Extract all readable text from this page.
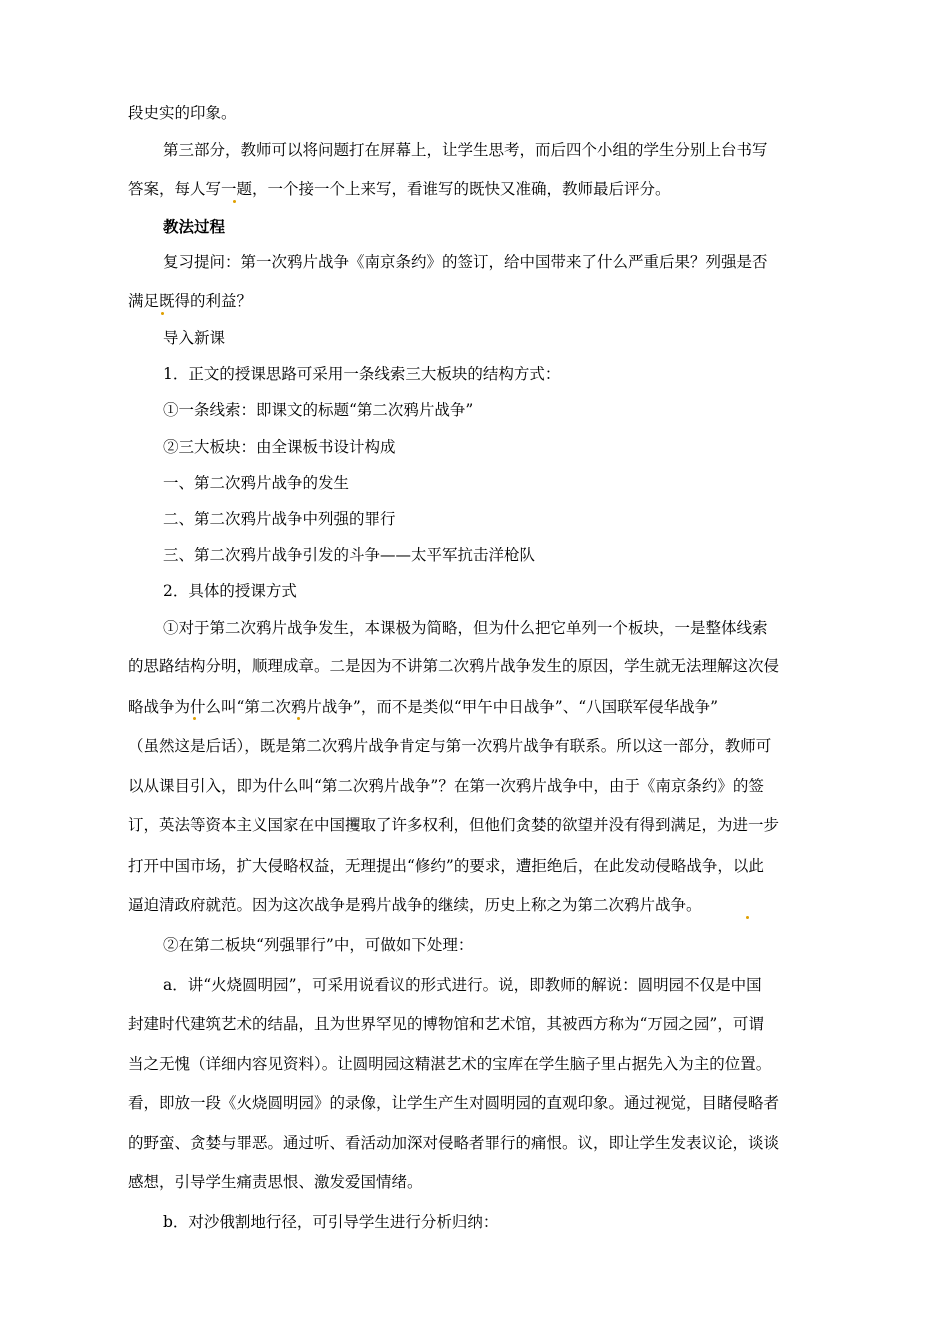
段史实的印象。
第三部分，教师可以将问题打在屏幕上，让学生思考，而后四个小组的学生分别上台书写
答案，每人写一题，一个接一个上来写，看谁写的既快又准确，教师最后评分。
教法过程
复习提问：第一次鸦片战争《南京条约》的签订，给中国带来了什么严重后果？列强是否
满足既得的利益？
导入新课
1．正文的授课思路可采用一条线索三大板块的结构方式：
①一条线索：即课文的标题“第二次鸦片战争”
②三大板块：由全课板书设计构成
一、第二次鸦片战争的发生
二、第二次鸦片战争中列强的罪行
三、第二次鸦片战争引发的斗争——太平军抗击洋枪队
2．具体的授课方式
①对于第二次鸦片战争发生，本课极为简略，但为什么把它单列一个板块，一是整体线索
的思路结构分明，顺理成章。二是因为不讲第二次鸦片战争发生的原因，学生就无法理解这次侵
略战争为什么叫“第二次鸦片战争”，而不是类似“甲午中日战争”、“八国联军侵华战争”
（虽然这是后话），既是第二次鸦片战争肯定与第一次鸦片战争有联系。所以这一部分，教师可
以从课目引入，即为什么叫“第二次鸦片战争”？在第一次鸦片战争中，由于《南京条约》的签
订，英法等资本主义国家在中国攫取了许多权利，但他们贪婪的欲望并没有得到满足，为进一步
打开中国市场，扩大侵略权益，无理提出“修约”的要求，遭拒绝后，在此发动侵略战争，以此
逼迫清政府就范。因为这次战争是鸦片战争的继续，历史上称之为第二次鸦片战争。
②在第二板块“列强罪行”中，可做如下处理：
a．讲“火烧圆明园”，可采用说看议的形式进行。说，即教师的解说：圆明园不仅是中国
封建时代建筑艺术的结晶，且为世界罕见的博物馆和艺术馆，其被西方称为“万园之园”，可谓
当之无愧（详细内容见资料）。让圆明园这精湛艺术的宝库在学生脑子里占据先入为主的位置。
看，即放一段《火烧圆明园》的录像，让学生产生对圆明园的直观印象。通过视觉，目睹侵略者
的野蛮、贪婪与罪恶。通过听、看活动加深对侵略者罪行的痛恨。议，即让学生发表议论，谈谈
感想，引导学生痛责思恨、激发爱国情绪。
b．对沙俄割地行径，可引导学生进行分析归纳：
